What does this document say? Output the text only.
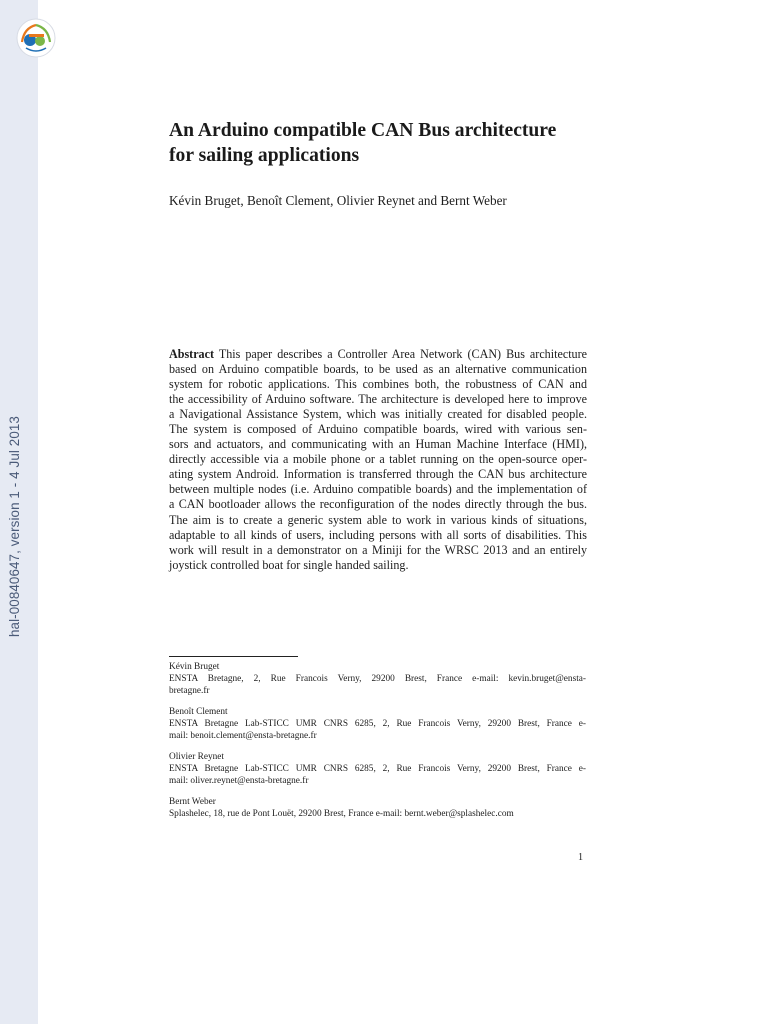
hal-00840647, version 1 - 4 Jul 2013
An Arduino compatible CAN Bus architecture
for sailing applications

Kévin Bruget, Benoît Clement, Olivier Reynet and Bernt Weber

Abstract This paper describes a Controller Area Network (CAN) Bus architecture
based on Arduino compatible boards, to be used as an alternative communication
system for robotic applications. This combines both, the robustness of CAN and
the accessibility of Arduino software. The architecture is developed here to improve
a Navigational Assistance System, which was initially created for disabled people.
The system is composed of Arduino compatible boards, wired with various sen-
sors and actuators, and communicating with an Human Machine Interface (HMI),
directly accessible via a mobile phone or a tablet running on the open-source oper-
ating system Android. Information is transferred through the CAN bus architecture
between multiple nodes (i.e. Arduino compatible boards) and the implementation of
a CAN bootloader allows the reconfiguration of the nodes directly through the bus.
The aim is to create a generic system able to work in various kinds of situations,
adaptable to all kinds of users, including persons with all sorts of disabilities. This
work will result in a demonstrator on a Miniji for the WRSC 2013 and an entirely
joystick controlled boat for single handed sailing.
Kévin Bruget
ENSTA Bretagne, 2, Rue Francois Verny, 29200 Brest, France e-mail: kevin.bruget@ensta-
bretagne.fr
Benoît Clement
ENSTA Bretagne Lab-STICC UMR CNRS 6285, 2, Rue Francois Verny, 29200 Brest, France e-
mail: benoit.clement@ensta-bretagne.fr
Olivier Reynet
ENSTA Bretagne Lab-STICC UMR CNRS 6285, 2, Rue Francois Verny, 29200 Brest, France e-
mail: oliver.reynet@ensta-bretagne.fr
Bernt Weber
Splashelec, 18, rue de Pont Louët, 29200 Brest, France e-mail: bernt.weber@splashelec.com
1
